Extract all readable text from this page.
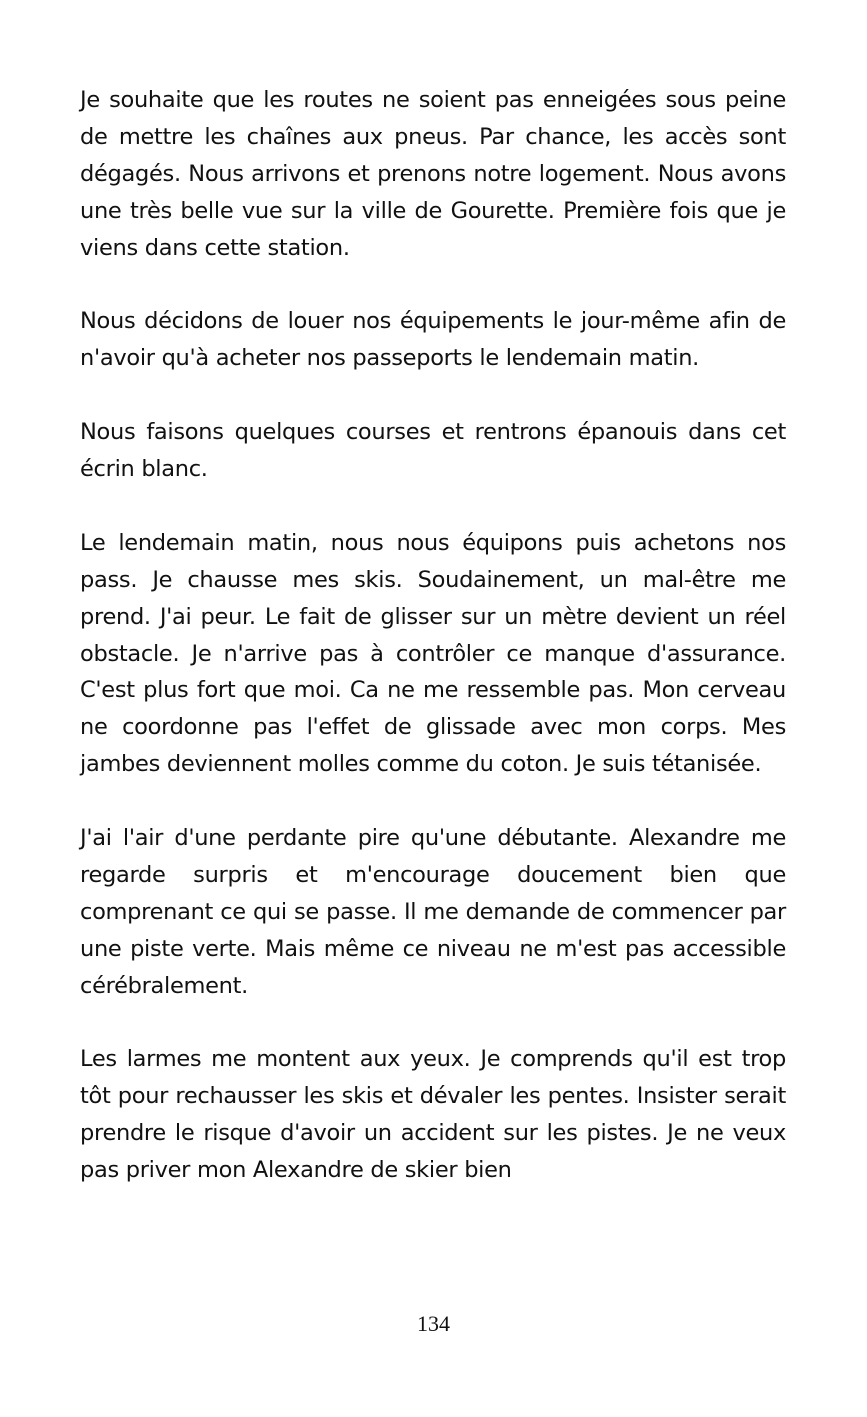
Je souhaite que les routes ne soient pas enneigées sous peine de mettre les chaînes aux pneus. Par chance, les accès sont dégagés. Nous arrivons et prenons notre logement. Nous avons une très belle vue sur la ville de Gourette. Première fois que je viens dans cette station.

Nous décidons de louer nos équipements le jour-même afin de n'avoir qu'à acheter nos passeports le lendemain matin.

Nous faisons quelques courses et rentrons épanouis dans cet écrin blanc.

Le lendemain matin, nous nous équipons puis achetons nos pass. Je chausse mes skis. Soudainement, un mal-être me prend. J'ai peur. Le fait de glisser sur un mètre devient un réel obstacle. Je n'arrive pas à contrôler ce manque d'assurance. C'est plus fort que moi. Ca ne me ressemble pas. Mon cerveau ne coordonne pas l'effet de glissade avec mon corps. Mes jambes deviennent molles comme du coton. Je suis tétanisée.

J'ai l'air d'une perdante pire qu'une débutante. Alexandre me regarde surpris et m'encourage doucement bien que comprenant ce qui se passe. Il me demande de commencer par une piste verte. Mais même ce niveau ne m'est pas accessible cérébralement.

Les larmes me montent aux yeux. Je comprends qu'il est trop tôt pour rechausser les skis et dévaler les pentes. Insister serait prendre le risque d'avoir un accident sur les pistes. Je ne veux pas priver mon Alexandre de skier bien

134
